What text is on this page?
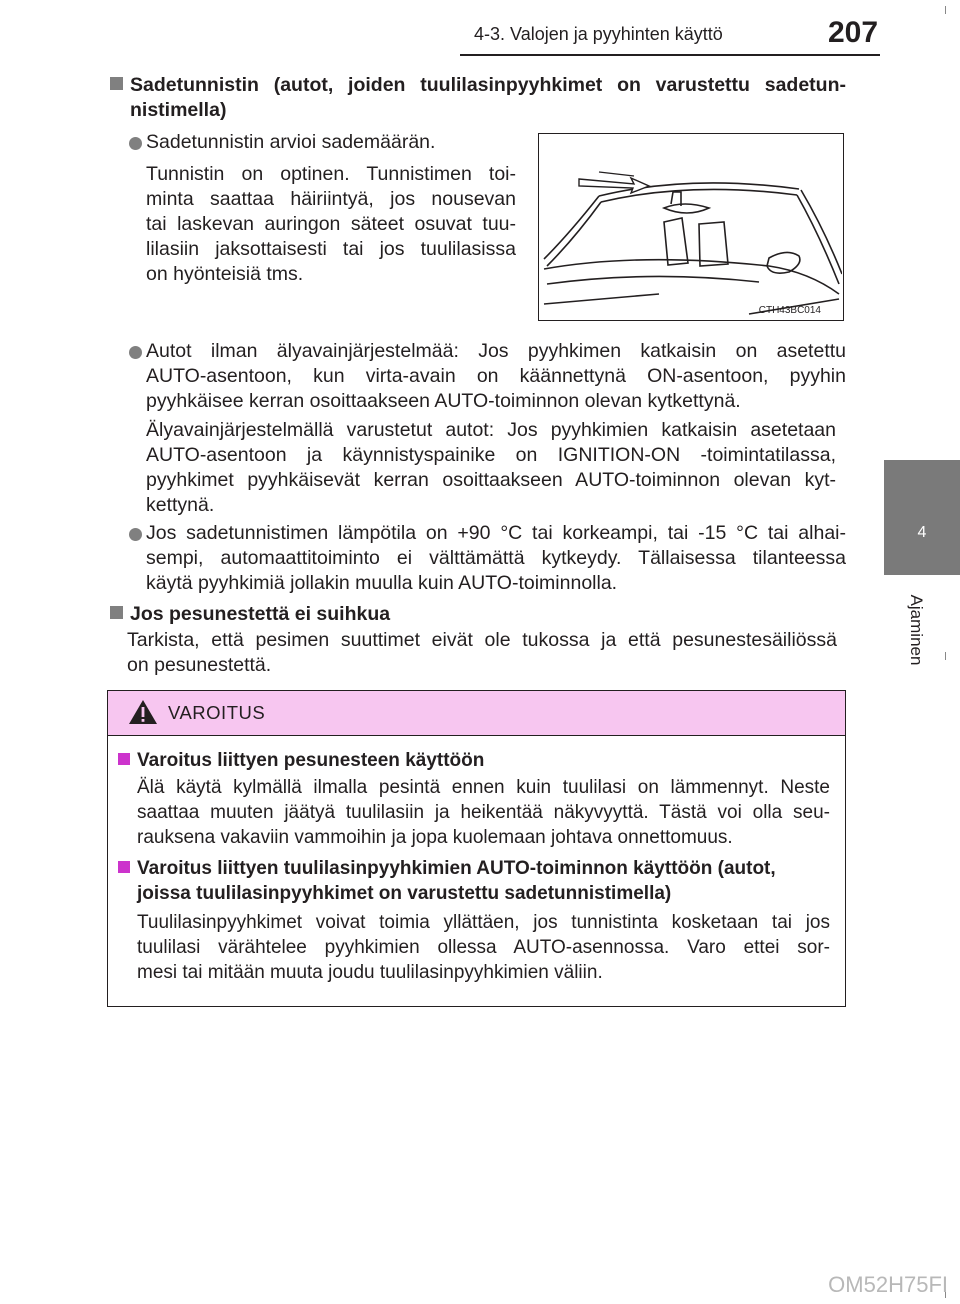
4-3. Valojen ja pyyhinten käyttö	207
4
Ajaminen
Sadetunnistin (autot, joiden tuulilasinpyyhkimet on varustettu sadetun-
nistimella)
Sadetunnistin arvioi sademäärän.
Tunnistin on optinen. Tunnistimen toi-
minta saattaa häiriintyä, jos nousevan
tai laskevan auringon säteet osuvat tuu-
lilasiin jaksottaisesti tai jos tuulilasissa
on hyönteisiä tms.
CTH43BC014
Autot ilman älyavainjärjestelmää: Jos pyyhkimen katkaisin on asetettu
AUTO-asentoon, kun virta-avain on käännettynä ON-asentoon, pyyhin
pyyhkäisee kerran osoittaakseen AUTO-toiminnon olevan kytkettynä.
Älyavainjärjestelmällä varustetut autot: Jos pyyhkimien katkaisin asetetaan
AUTO-asentoon ja käynnistyspainike on IGNITION-ON -toimintatilassa,
pyyhkimet pyyhkäisevät kerran osoittaakseen AUTO-toiminnon olevan kyt-
kettynä.
Jos sadetunnistimen lämpötila on +90 °C tai korkeampi, tai -15 °C tai alhai-
sempi, automaattitoiminto ei välttämättä kytkeydy. Tällaisessa tilanteessa
käytä pyyhkimiä jollakin muulla kuin AUTO-toiminnolla.
Jos pesunestettä ei suihkua
Tarkista, että pesimen suuttimet eivät ole tukossa ja että pesunestesäiliössä
on pesunestettä.
VAROITUS
Varoitus liittyen pesunesteen käyttöön
Älä käytä kylmällä ilmalla pesintä ennen kuin tuulilasi on lämmennyt. Neste
saattaa muuten jäätyä tuulilasiin ja heikentää näkyvyyttä. Tästä voi olla seu-
rauksena vakaviin vammoihin ja jopa kuolemaan johtava onnettomuus.
Varoitus liittyen tuulilasinpyyhkimien AUTO-toiminnon käyttöön (autot,
joissa tuulilasinpyyhkimet on varustettu sadetunnistimella)
Tuulilasinpyyhkimet voivat toimia yllättäen, jos tunnistinta kosketaan tai jos
tuulilasi värähtelee pyyhkimien ollessa AUTO-asennossa. Varo ettei sor-
mesi tai mitään muuta joudu tuulilasinpyyhkimien väliin.
OM52H75FI
